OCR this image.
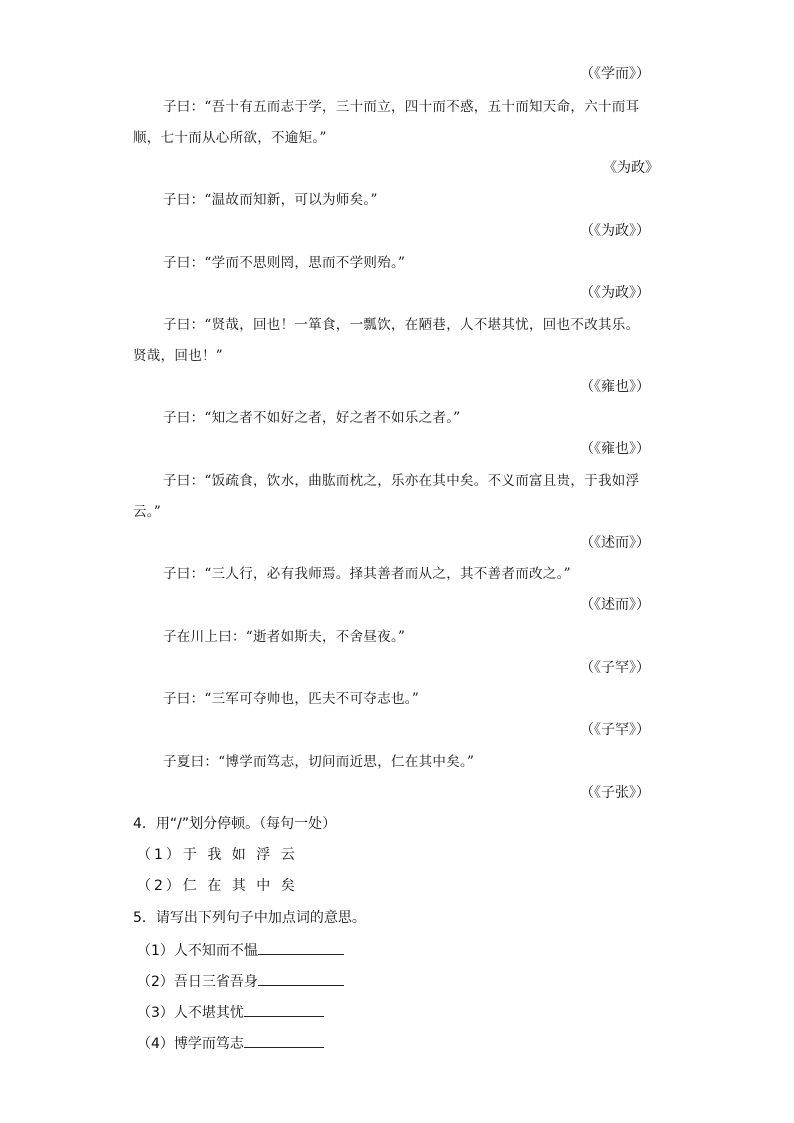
（《学而》）
子曰：“吾十有五而志于学，三十而立，四十而不惑，五十而知天命，六十而耳
顺，七十而从心所欲，不逾矩。”
《为政》
子曰：“温故而知新，可以为师矣。”
（《为政》）
子曰：“学而不思则罔，思而不学则殆。”
（《为政》）
子曰：“贤哉，回也！一箪食，一瓢饮，在陋巷，人不堪其忧，回也不改其乐。
贤哉，回也！”
（《雍也》）
子曰：“知之者不如好之者，好之者不如乐之者。”
（《雍也》）
子曰：“饭疏食，饮水，曲肱而枕之，乐亦在其中矣。不义而富且贵，于我如浮
云。”
（《述而》）
子曰：“三人行，必有我师焉。择其善者而从之，其不善者而改之。”
（《述而》）
子在川上曰：“逝者如斯夫，不舍昼夜。”
（《子罕》）
子曰：“三军可夺帅也，匹夫不可夺志也。”
（《子罕》）
子夏曰：“博学而笃志，切问而近思，仁在其中矣。”
（《子张》）
4．用“/”划分停顿。（每句一处）
（1）于 我 如 浮 云
（2）仁 在 其 中 矣
5．请写出下列句子中加点词的意思。
（1）人不知而不愠
（2）吾日三省吾身
（3）人不堪其忧
（4）博学而笃志
